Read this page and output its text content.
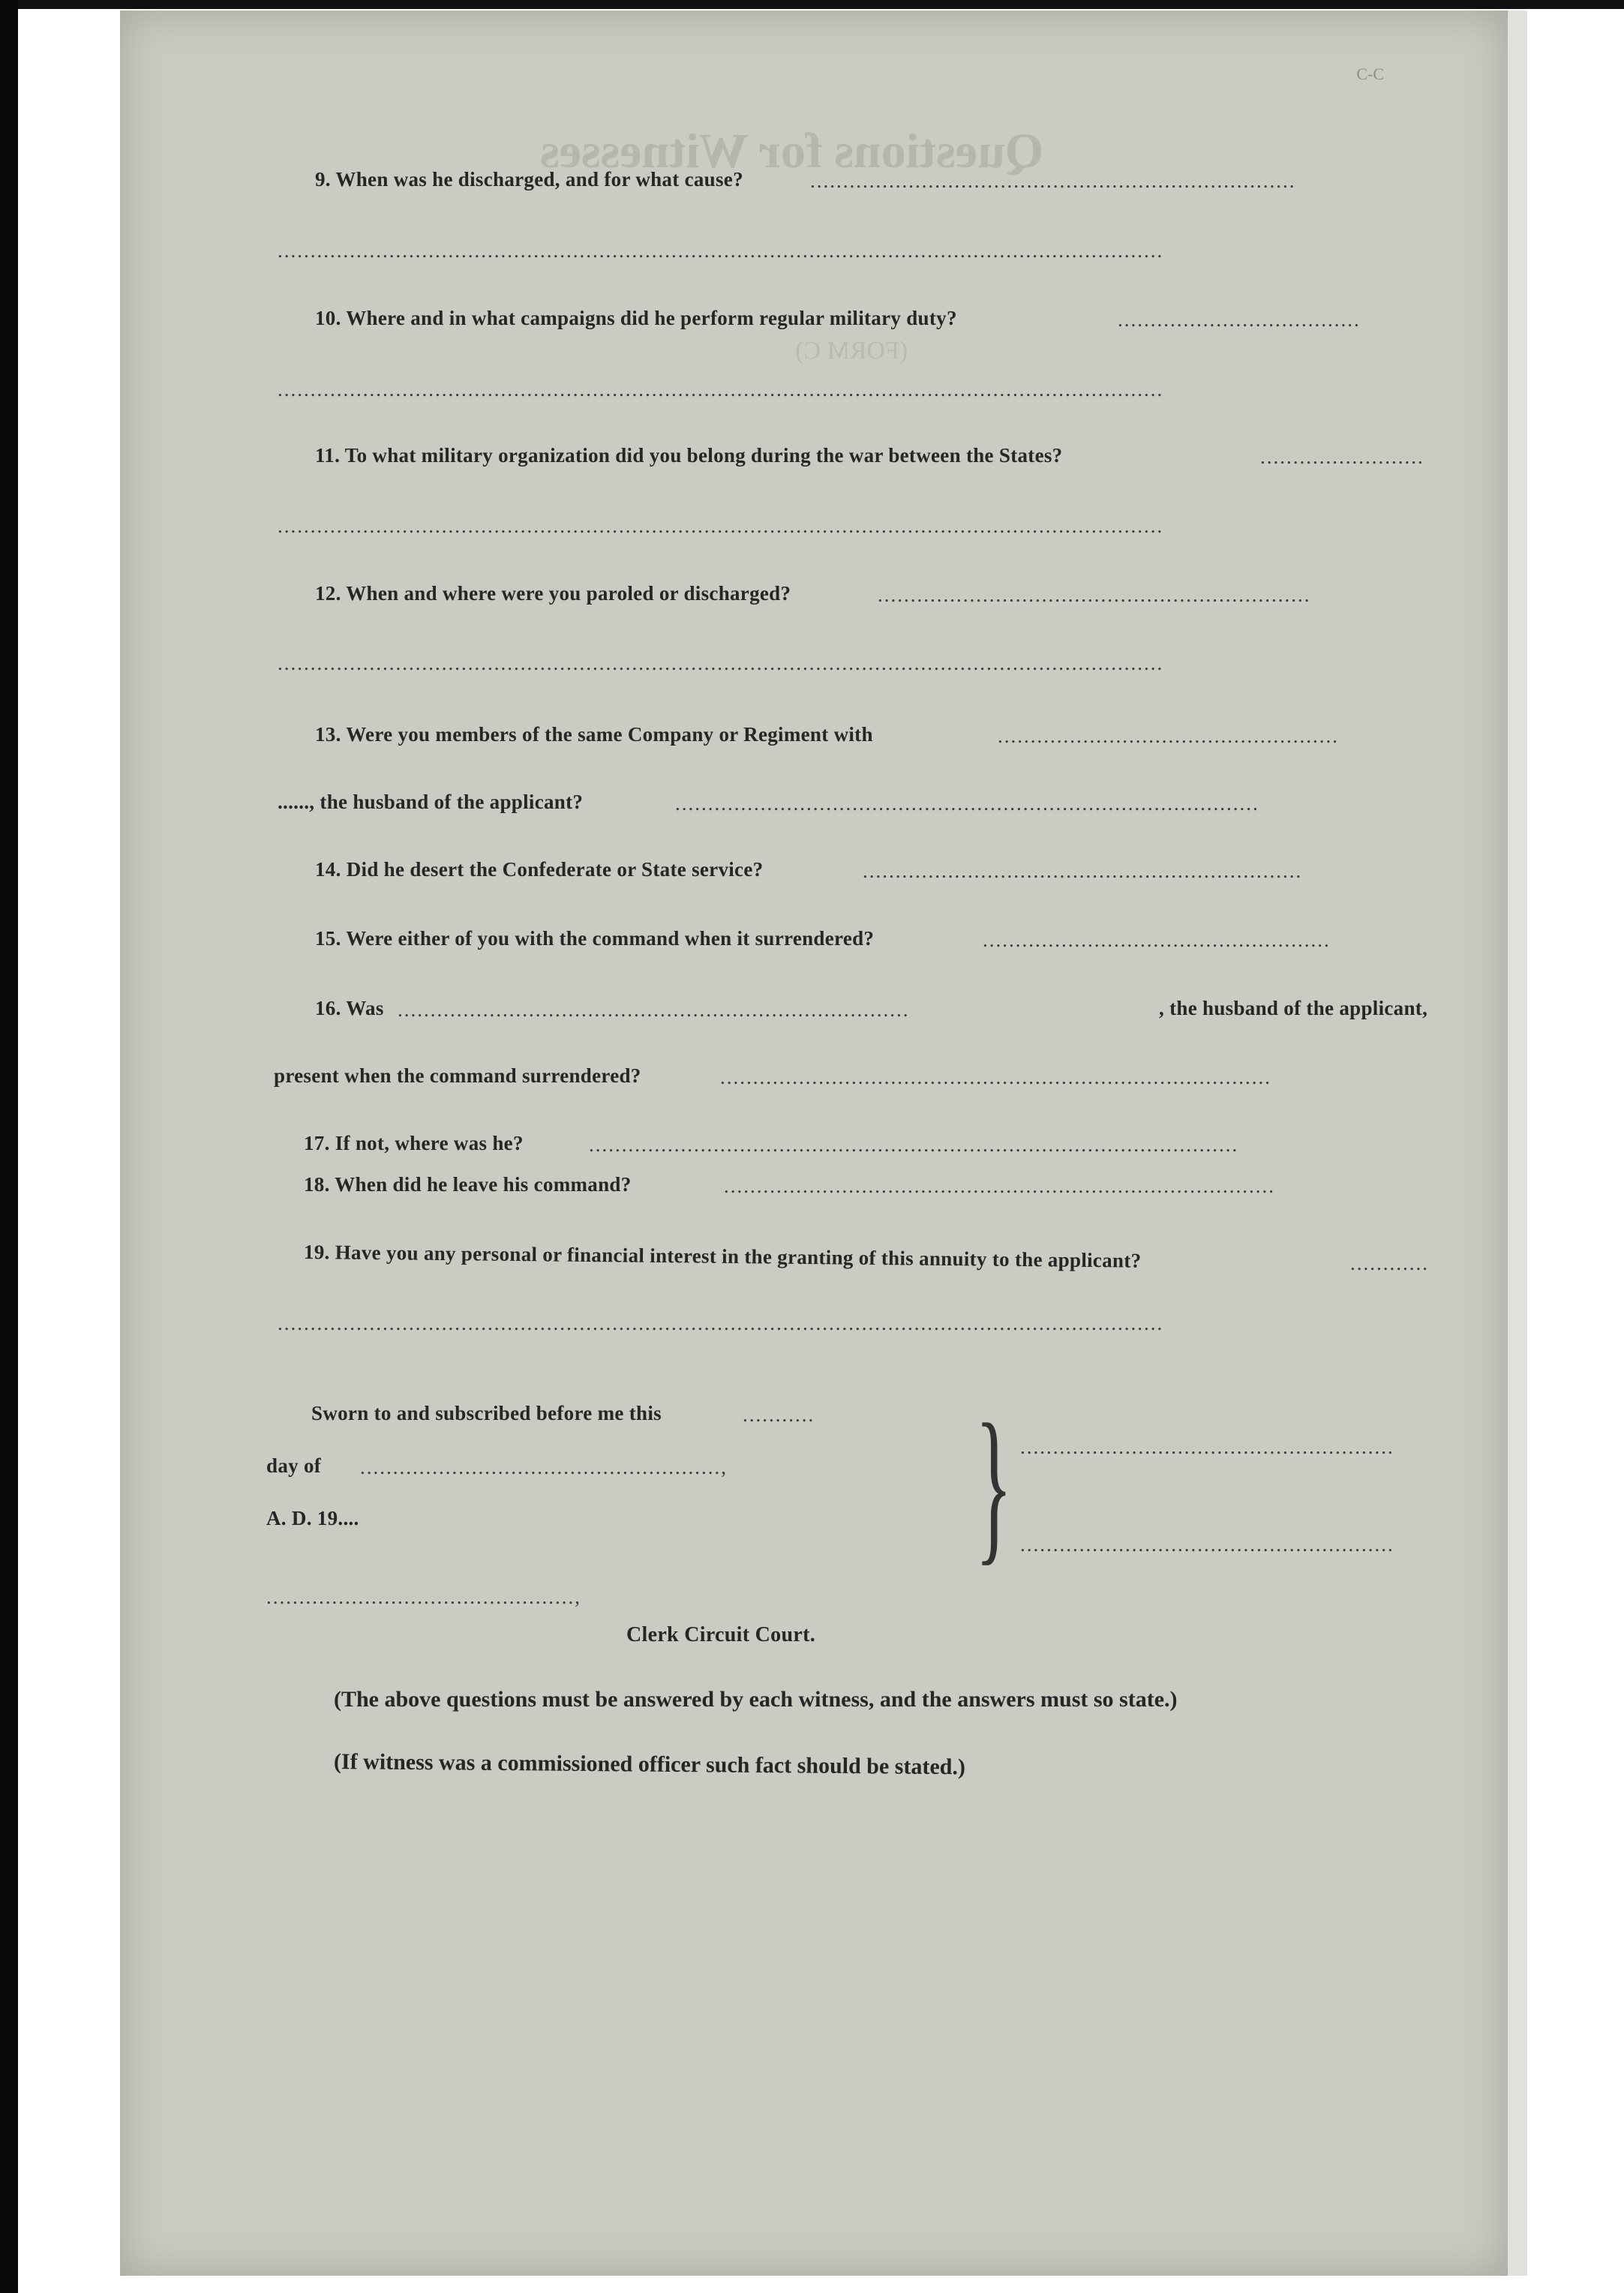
C-C
Questions for Witnesses
(FORM C)
9. When was he discharged, and for what cause?	..........................................................................
.......................................................................................................................................
10. Where and in what campaigns did he perform regular military duty?	.....................................
.......................................................................................................................................
11. To what military organization did you belong during the war between the States?	.........................
.......................................................................................................................................
12. When and where were you paroled or discharged?	..................................................................
.......................................................................................................................................
13. Were you members of the same Company or Regiment with	....................................................
......, the husband of the applicant?	.........................................................................................
14. Did he desert the Confederate or State service?	...................................................................
15. Were either of you with the command when it surrendered?	.....................................................
16. Was ..............................................................................	, the husband of the applicant,
present when the command surrendered?	....................................................................................
17. If not, where was he?	...................................................................................................
18. When did he leave his command?	....................................................................................
19. Have you any personal or financial interest in the granting of this annuity to the applicant?	............
.......................................................................................................................................
Sworn to and subscribed before me this	...........
day of .......................................................,
A. D. 19....	} .........................................................
.........................................................
...............................................,
Clerk Circuit Court.
(The above questions must be answered by each witness, and the answers must so state.)
(If witness was a commissioned officer such fact should be stated.)
